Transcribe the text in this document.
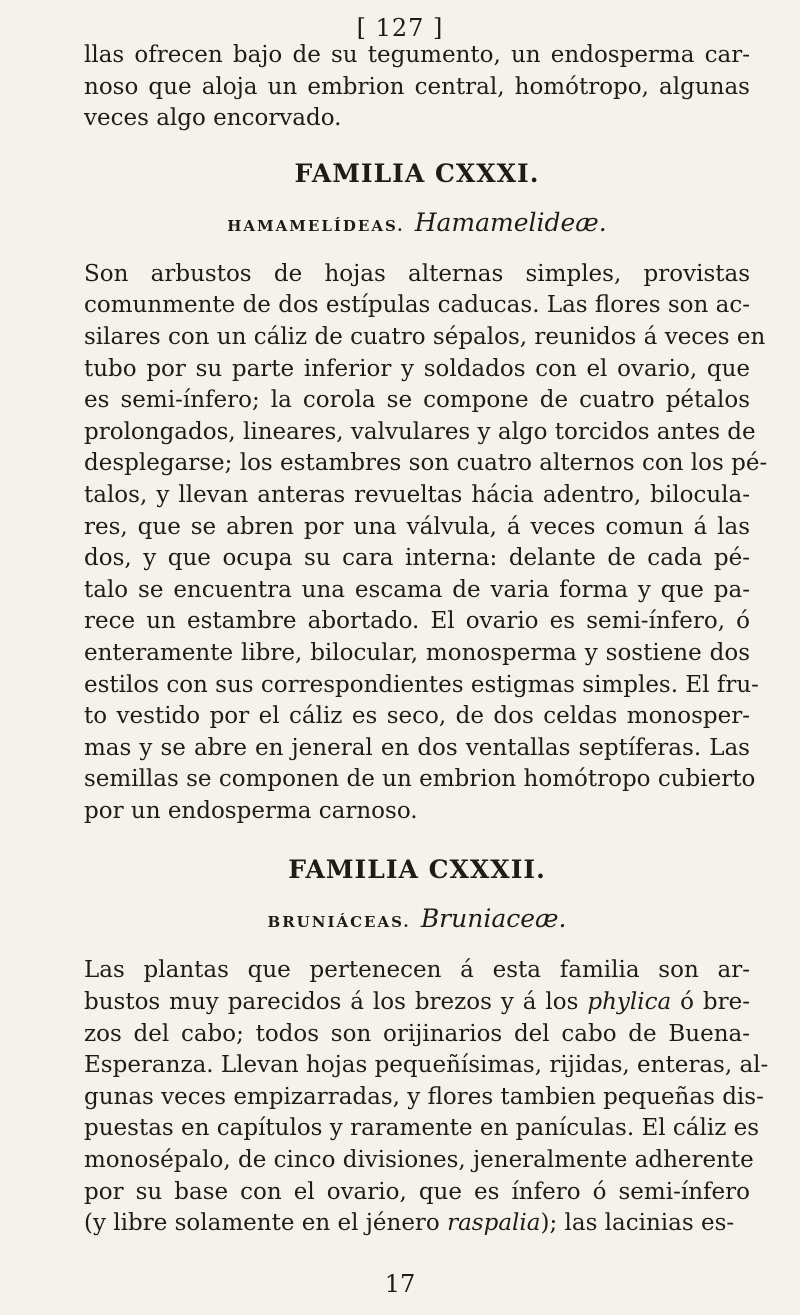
[ 127 ]

llas ofrecen bajo de su tegumento, un endosperma car-
noso que aloja un embrion central, homótropo, algunas
veces algo encorvado.

FAMILIA CXXXI.

HAMAMELÍDEAS. Hamamelideæ.

Son arbustos de hojas alternas simples, provistas
comunmente de dos estípulas caducas. Las flores son ac-
silares con un cáliz de cuatro sépalos, reunidos á veces en
tubo por su parte inferior y soldados con el ovario, que
es semi-ínfero; la corola se compone de cuatro pétalos
prolongados, lineares, valvulares y algo torcidos antes de
desplegarse; los estambres son cuatro alternos con los pé-
talos, y llevan anteras revueltas hácia adentro, bilocula-
res, que se abren por una válvula, á veces comun á las
dos, y que ocupa su cara interna: delante de cada pé-
talo se encuentra una escama de varia forma y que pa-
rece un estambre abortado. El ovario es semi-ínfero, ó
enteramente libre, bilocular, monosperma y sostiene dos
estilos con sus correspondientes estigmas simples. El fru-
to vestido por el cáliz es seco, de dos celdas monosper-
mas y se abre en jeneral en dos ventallas septíferas. Las
semillas se componen de un embrion homótropo cubierto
por un endosperma carnoso.

FAMILIA CXXXII.

BRUNIÁCEAS. Bruniaceæ.

Las plantas que pertenecen á esta familia son ar-
bustos muy parecidos á los brezos y á los phylica ó bre-
zos del cabo; todos son orijinarios del cabo de Buena-
Esperanza. Llevan hojas pequeñísimas, rijidas, enteras, al-
gunas veces empizarradas, y flores tambien pequeñas dis-
puestas en capítulos y raramente en panículas. El cáliz es
monosépalo, de cinco divisiones, jeneralmente adherente
por su base con el ovario, que es ínfero ó semi-ínfero
(y libre solamente en el jénero raspalia); las lacinias es-

17
